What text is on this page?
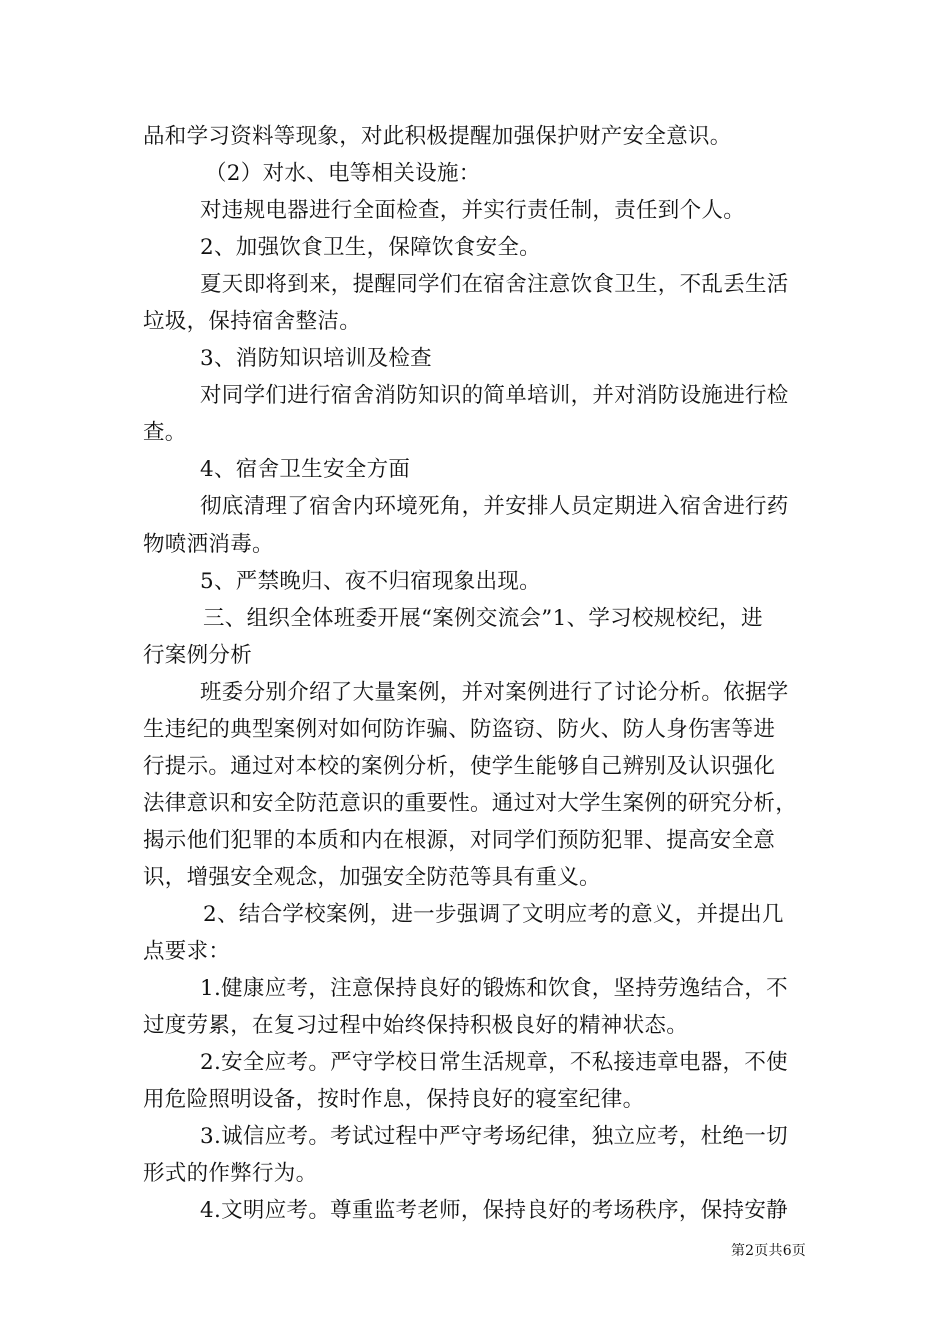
品和学习资料等现象，对此积极提醒加强保护财产安全意识。
（2）对水、电等相关设施：
对违规电器进行全面检查，并实行责任制，责任到个人。
2、加强饮食卫生，保障饮食安全。
夏天即将到来，提醒同学们在宿舍注意饮食卫生，不乱丢生活
垃圾，保持宿舍整洁。
3、消防知识培训及检查
对同学们进行宿舍消防知识的简单培训，并对消防设施进行检
查。
4、宿舍卫生安全方面
彻底清理了宿舍内环境死角，并安排人员定期进入宿舍进行药
物喷洒消毒。
5、严禁晚归、夜不归宿现象出现。
三、组织全体班委开展“案例交流会”1、学习校规校纪，进
行案例分析
班委分别介绍了大量案例，并对案例进行了讨论分析。依据学
生违纪的典型案例对如何防诈骗、防盗窃、防火、防人身伤害等进
行提示。通过对本校的案例分析，使学生能够自己辨别及认识强化
法律意识和安全防范意识的重要性。通过对大学生案例的研究分析，
揭示他们犯罪的本质和内在根源，对同学们预防犯罪、提高安全意
识，增强安全观念，加强安全防范等具有重义。
2、结合学校案例，进一步强调了文明应考的意义，并提出几
点要求：
1.健康应考，注意保持良好的锻炼和饮食，坚持劳逸结合，不
过度劳累，在复习过程中始终保持积极良好的精神状态。
2.安全应考。严守学校日常生活规章，不私接违章电器，不使
用危险照明设备，按时作息，保持良好的寝室纪律。
3.诚信应考。考试过程中严守考场纪律，独立应考，杜绝一切
形式的作弊行为。
4.文明应考。尊重监考老师，保持良好的考场秩序，保持安静
第2页共6页
